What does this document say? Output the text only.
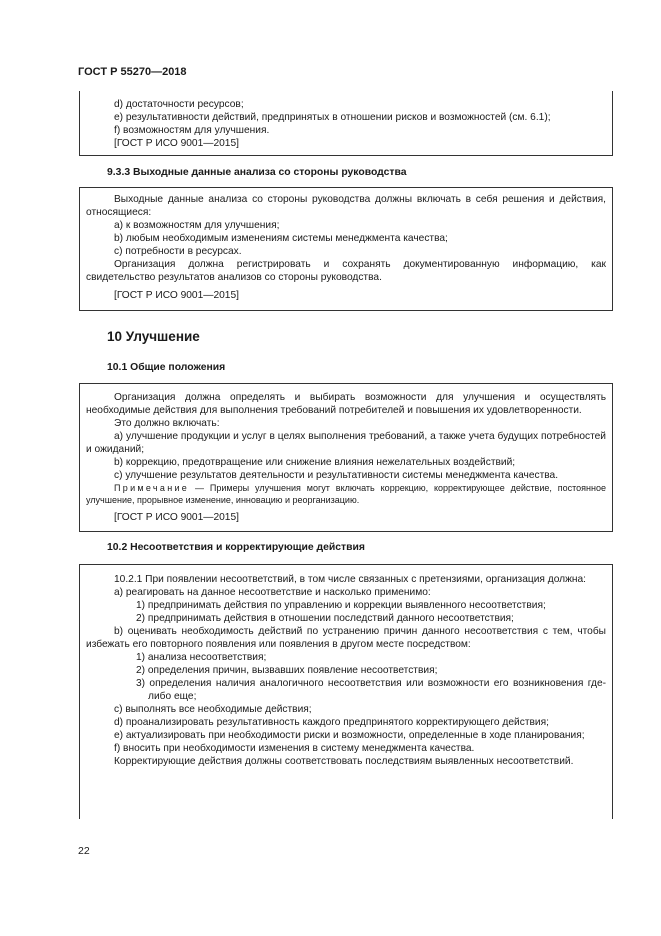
ГОСТ Р 55270—2018

d) достаточности ресурсов;

e) результативности действий, предпринятых в отношении рисков и возможностей (см. 6.1);

f) возможностям для улучшения.

[ГОСТ Р ИСО 9001—2015]

9.3.3 Выходные данные анализа со стороны руководства

Выходные данные анализа со стороны руководства должны включать в себя решения и действия, относящиеся:

a) к возможностям для улучшения;

b) любым необходимым изменениям системы менеджмента качества;

c) потребности в ресурсах.

Организация должна регистрировать и сохранять документированную информацию, как свидетельство результатов анализов со стороны руководства.

[ГОСТ Р ИСО 9001—2015]

10 Улучшение
10.1 Общие положения

Организация должна определять и выбирать возможности для улучшения и осуществлять необходимые действия для выполнения требований потребителей и повышения их удовлетворенности.

Это должно включать:

a) улучшение продукции и услуг в целях выполнения требований, а также учета будущих потребностей и ожиданий;

b) коррекцию, предотвращение или снижение влияния нежелательных воздействий;

c) улучшение результатов деятельности и результативности системы менеджмента качества.

Примечание — Примеры улучшения могут включать коррекцию, корректирующее действие, постоянное улучшение, прорывное изменение, инновацию и реорганизацию.

[ГОСТ Р ИСО 9001—2015]

10.2 Несоответствия и корректирующие действия

10.2.1 При появлении несоответствий, в том числе связанных с претензиями, организация должна:

a) реагировать на данное несоответствие и насколько применимо:

1) предпринимать действия по управлению и коррекции выявленного несоответствия;

2) предпринимать действия в отношении последствий данного несоответствия;

b) оценивать необходимость действий по устранению причин данного несоответствия с тем, чтобы избежать его повторного появления или появления в другом месте посредством:

1) анализа несоответствия;

2) определения причин, вызвавших появление несоответствия;

3) определения наличия аналогичного несоответствия или возможности его возникновения где-либо еще;

c) выполнять все необходимые действия;

d) проанализировать результативность каждого предпринятого корректирующего действия;

e) актуализировать при необходимости риски и возможности, определенные в ходе планирования;

f) вносить при необходимости изменения в систему менеджмента качества.

Корректирующие действия должны соответствовать последствиям выявленных несоответствий.

22
